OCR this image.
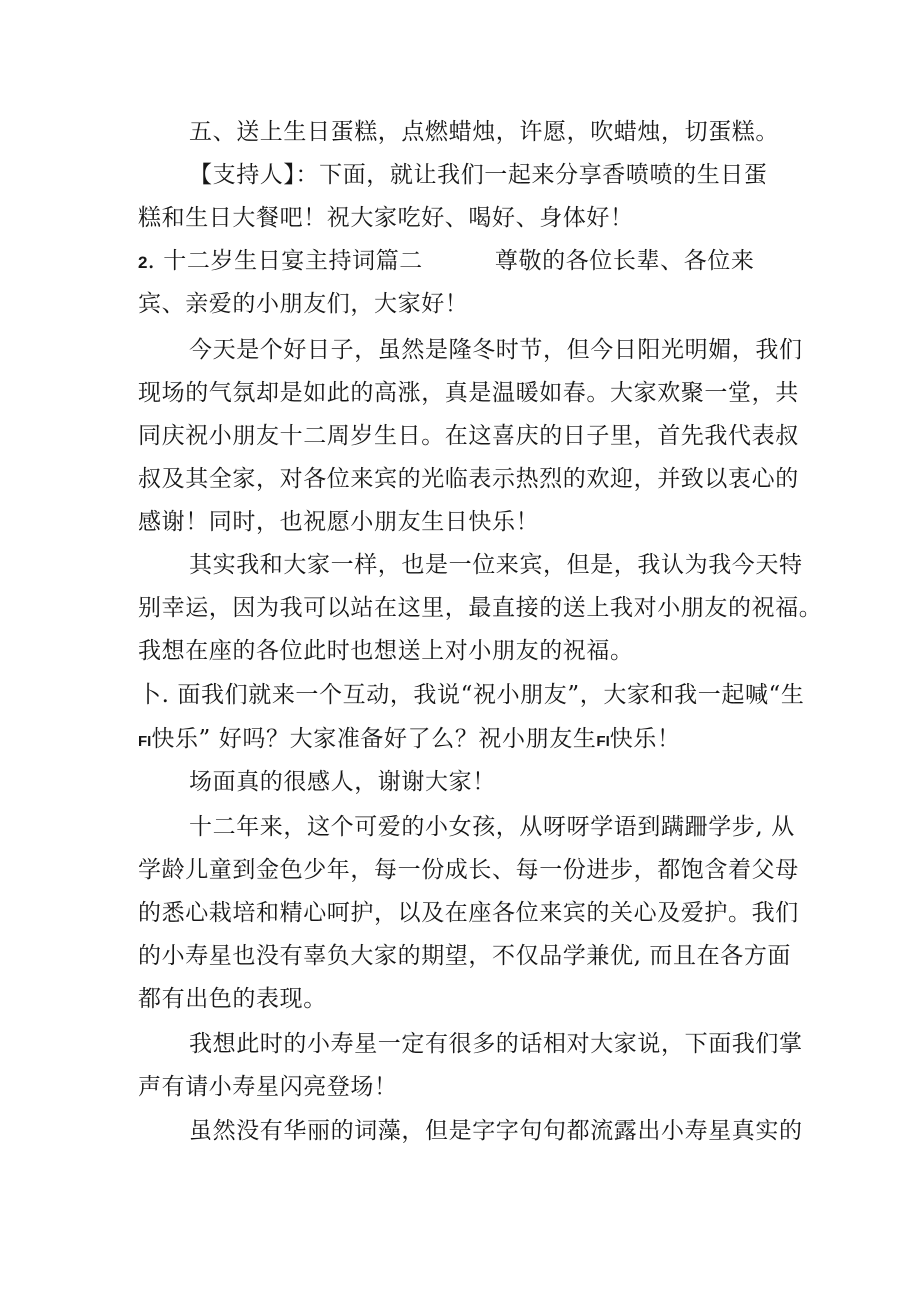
五、送上生日蛋糕，点燃蜡烛，许愿，吹蜡烛，切蛋糕。
【支持人】：下面，就让我们一起来分享香喷喷的生日蛋
糕和生日大餐吧！祝大家吃好、喝好、身体好！
2. 十二岁生日宴主持词篇二	尊敬的各位长辈、各位来
宾、亲爱的小朋友们，大家好！
今天是个好日子，虽然是隆冬时节，但今日阳光明媚，我们
现场的气氛却是如此的高涨，真是温暖如春。大家欢聚一堂，共
同庆祝小朋友十二周岁生日。在这喜庆的日子里，首先我代表叔
叔及其全家，对各位来宾的光临表示热烈的欢迎，并致以衷心的
感谢！同时，也祝愿小朋友生日快乐！
其实我和大家一样，也是一位来宾，但是，我认为我今天特
别幸运，因为我可以站在这里，最直接的送上我对小朋友的祝福。
我想在座的各位此时也想送上对小朋友的祝福。
卜. 面我们就来一个互动，我说“祝小朋友”，大家和我一起喊“生
FI快乐” 好吗？大家准备好了么？祝小朋友生FI快乐！
场面真的很感人，谢谢大家！
十二年来，这个可爱的小女孩，从呀呀学语到蹒跚学步, 从
学龄儿童到金色少年，每一份成长、每一份进步，都饱含着父母
的悉心栽培和精心呵护，以及在座各位来宾的关心及爱护。我们
的小寿星也没有辜负大家的期望，不仅品学兼优, 而且在各方面
都有出色的表现。
我想此时的小寿星一定有很多的话相对大家说，下面我们掌
声有请小寿星闪亮登场！
虽然没有华丽的词藻，但是字字句句都流露出小寿星真实的
